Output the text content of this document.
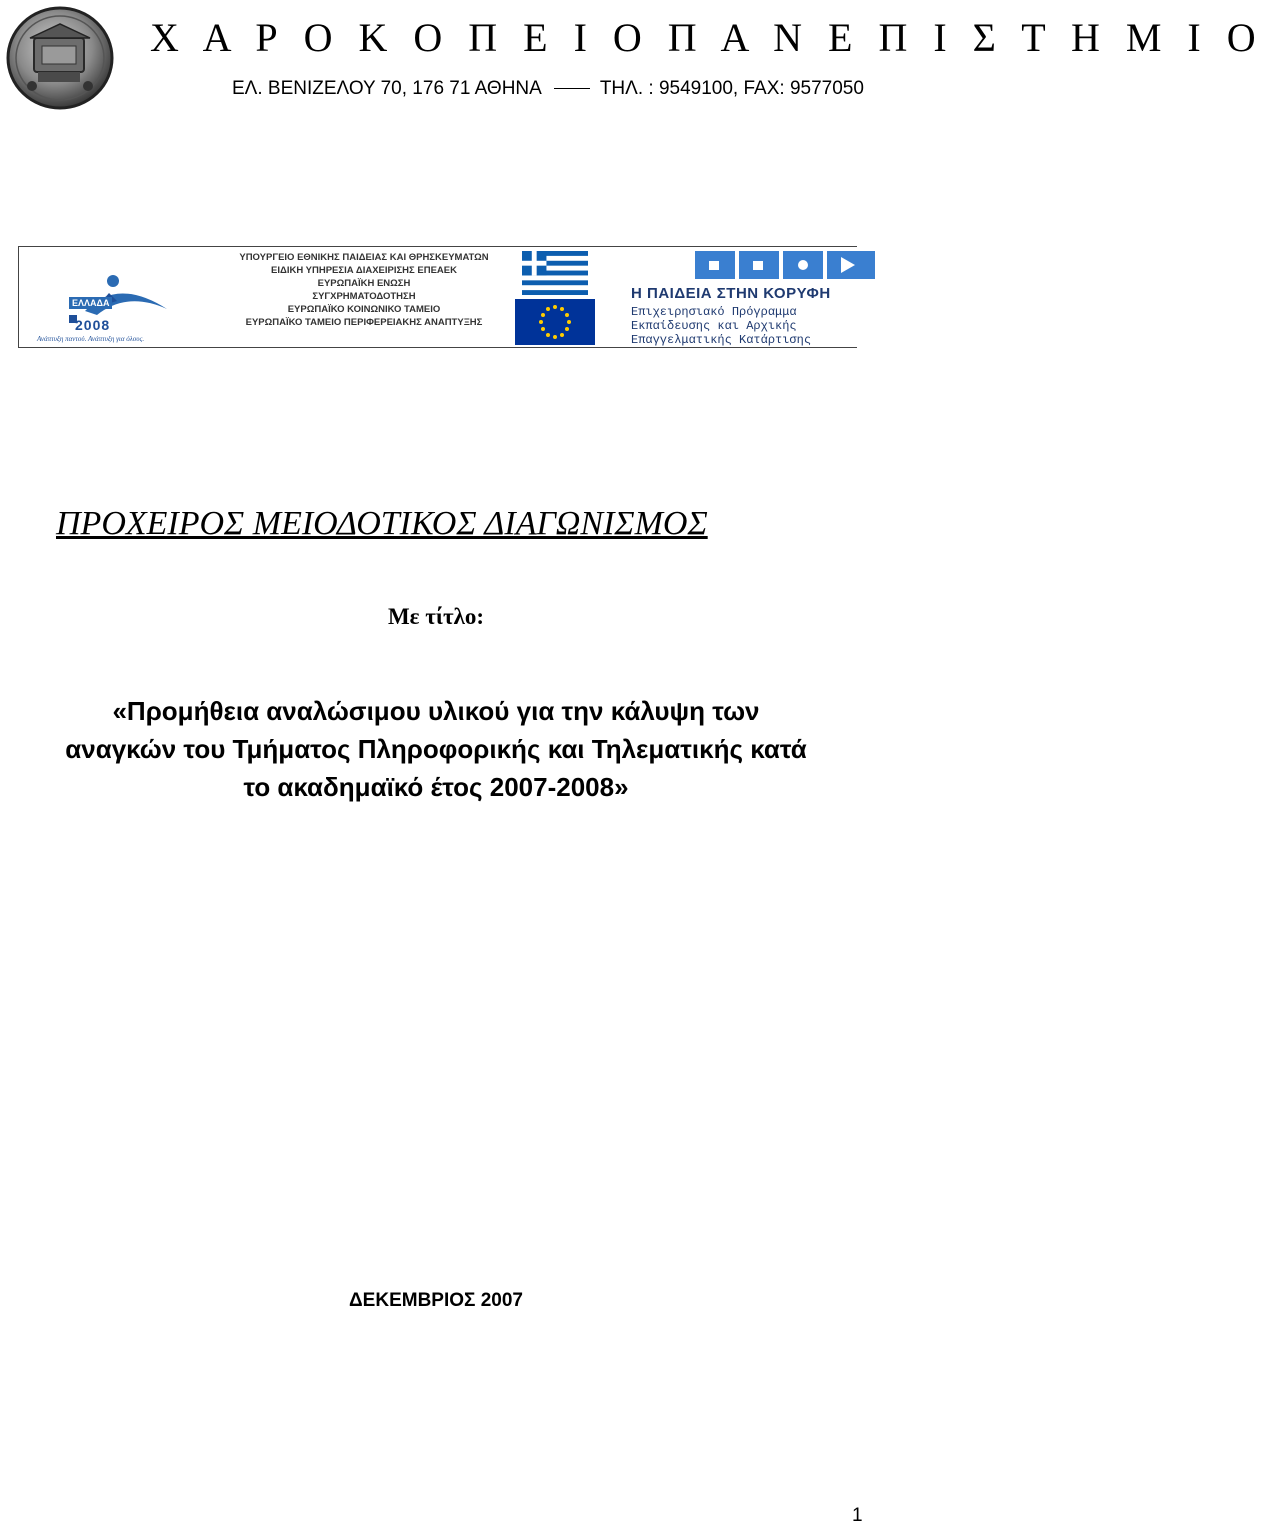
Χ Α Ρ Ο Κ Ο Π Ε Ι Ο Π Α Ν Ε Π Ι Σ Τ Η Μ Ι Ο
ΕΛ. ΒΕΝΙΖΕΛΟΥ 70, 176 71 ΑΘΗΝΑ	ΤΗΛ. : 9549100, FAX: 9577050
ΕΛΛΑΔΑ
2008
Ανάπτυξη παντού. Ανάπτυξη για όλους.
ΥΠΟΥΡΓΕΙΟ ΕΘΝΙΚΗΣ ΠΑΙΔΕΙΑΣ ΚΑΙ ΘΡΗΣΚΕΥΜΑΤΩΝ
ΕΙΔΙΚΗ ΥΠΗΡΕΣΙΑ ΔΙΑΧΕΙΡΙΣΗΣ ΕΠΕΑΕΚ
ΕΥΡΩΠΑΪΚΗ ΕΝΩΣΗ
ΣΥΓΧΡΗΜΑΤΟΔΟΤΗΣΗ
ΕΥΡΩΠΑΪΚΟ ΚΟΙΝΩΝΙΚΟ ΤΑΜΕΙΟ
ΕΥΡΩΠΑΪΚΟ ΤΑΜΕΙΟ ΠΕΡΙΦΕΡΕΙΑΚΗΣ ΑΝΑΠΤΥΞΗΣ
Η ΠΑΙΔΕΙΑ ΣΤΗΝ ΚΟΡΥΦΗ
Επιχειρησιακό Πρόγραμμα
Εκπαίδευσης και Αρχικής
Επαγγελματικής Κατάρτισης
ΠΡΟΧΕΙΡΟΣ ΜΕΙΟΔΟΤΙΚΟΣ ΔΙΑΓΩΝΙΣΜΟΣ
Με τίτλο:
«Προμήθεια αναλώσιμου υλικού για την κάλυψη των
αναγκών του Τμήματος Πληροφορικής και Τηλεματικής κατά
το ακαδημαϊκό έτος 2007-2008»
ΔΕΚΕΜΒΡΙΟΣ 2007
1
